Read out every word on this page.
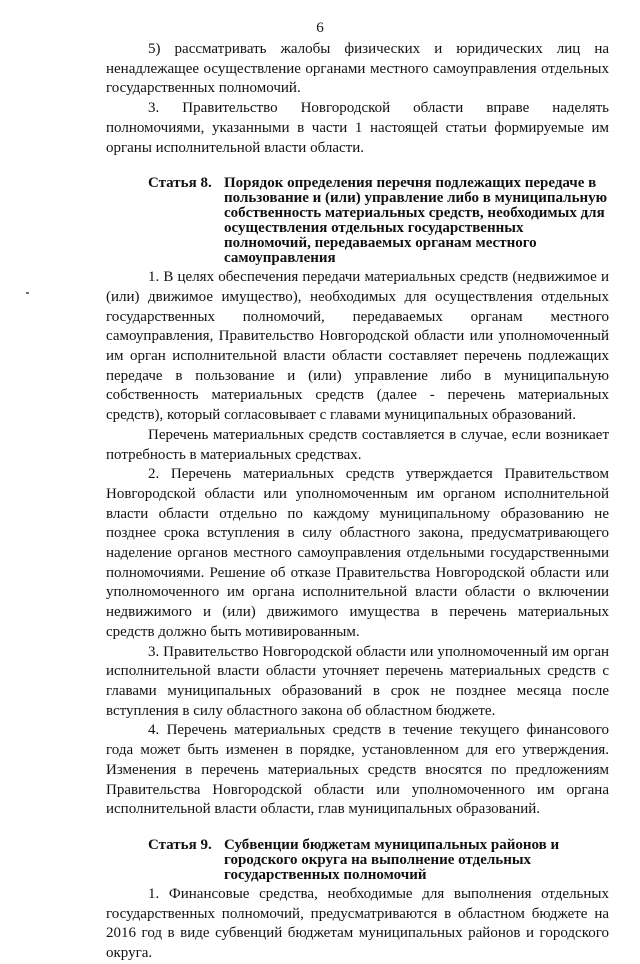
6

5) рассматривать жалобы физических и юридических лиц на ненадлежащее осуществление органами местного самоуправления отдельных государственных полномочий.

3. Правительство Новгородской области вправе наделять полномочиями, указанными в части 1 настоящей статьи формируемые им органы исполнительной власти области.

Статья 8. Порядок определения перечня подлежащих передаче в пользование и (или) управление либо в муниципальную собственность материальных средств, необходимых для осуществления отдельных государственных полномочий, передаваемых органам местного самоуправления

1. В целях обеспечения передачи материальных средств (недвижимое и (или) движимое имущество), необходимых для осуществления отдельных государственных полномочий, передаваемых органам местного самоуправления, Правительство Новгородской области или уполномоченный им орган исполнительной власти области составляет перечень подлежащих передаче в пользование и (или) управление либо в муниципальную собственность материальных средств (далее - перечень материальных средств), который согласовывает с главами муниципальных образований.

Перечень материальных средств составляется в случае, если возникает потребность в материальных средствах.

2. Перечень материальных средств утверждается Правительством Новгородской области или уполномоченным им органом исполнительной власти области отдельно по каждому муниципальному образованию не позднее срока вступления в силу областного закона, предусматривающего наделение органов местного самоуправления отдельными государственными полномочиями. Решение об отказе Правительства Новгородской области или уполномоченного им органа исполнительной власти области о включении недвижимого и (или) движимого имущества в перечень материальных средств должно быть мотивированным.

3. Правительство Новгородской области или уполномоченный им орган исполнительной власти области уточняет перечень материальных средств с главами муниципальных образований в срок не позднее месяца после вступления в силу областного закона об областном бюджете.

4. Перечень материальных средств в течение текущего финансового года может быть изменен в порядке, установленном для его утверждения. Изменения в перечень материальных средств вносятся по предложениям Правительства Новгородской области или уполномоченного им органа исполнительной власти области, глав муниципальных образований.

Статья 9. Субвенции бюджетам муниципальных районов и городского округа на выполнение отдельных государственных полномочий

1. Финансовые средства, необходимые для выполнения отдельных государственных полномочий, предусматриваются в областном бюджете на 2016 год в виде субвенций бюджетам муниципальных районов и городского округа.
